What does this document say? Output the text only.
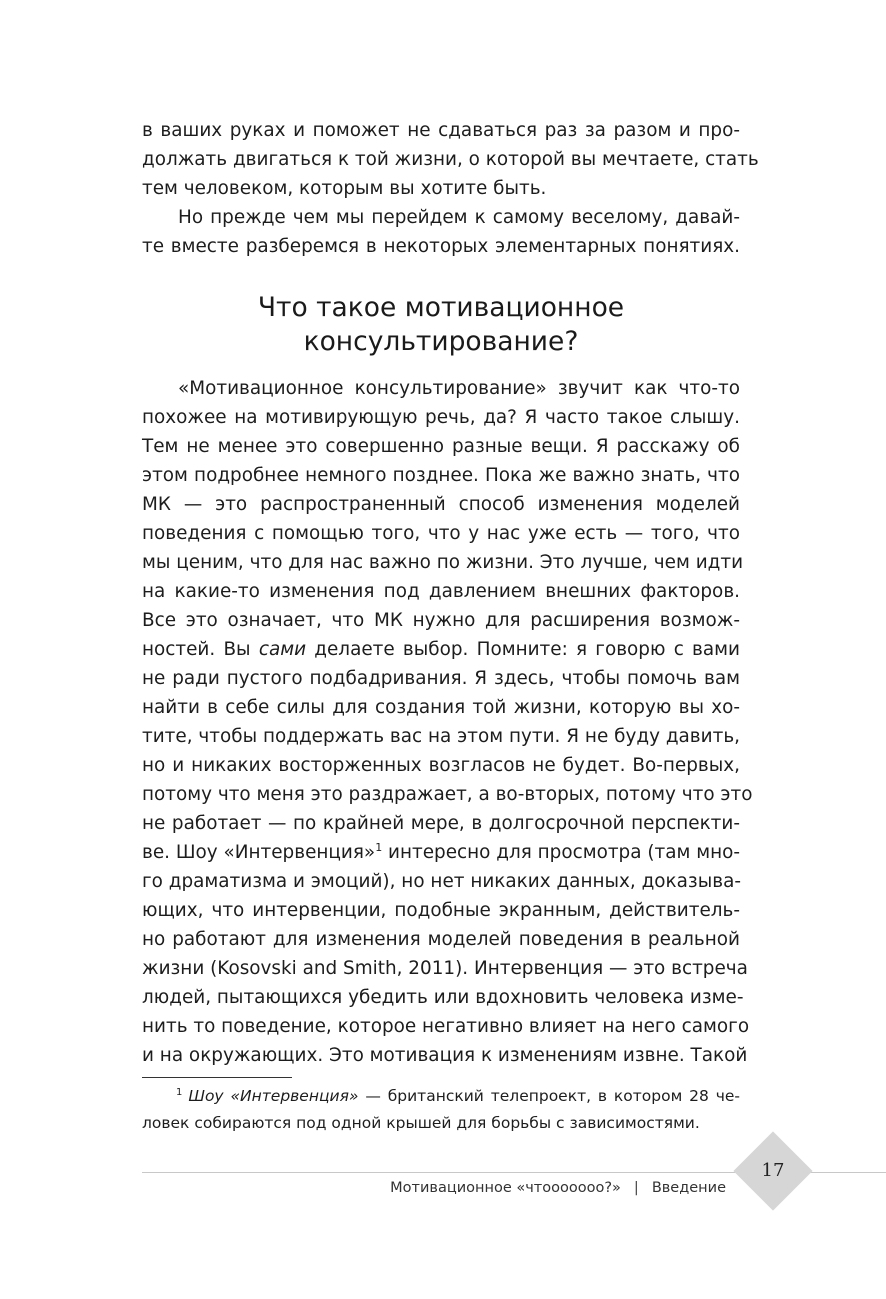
в ваших руках и поможет не сдаваться раз за разом и про-
должать двигаться к той жизни, о которой вы мечтаете, стать
тем человеком, которым вы хотите быть.
Но прежде чем мы перейдем к самому веселому, давай-
те вместе разберемся в некоторых элементарных понятиях.
Что такое мотивационное
консультирование?
«Мотивационное консультирование» звучит как что-то
похожее на мотивирующую речь, да? Я часто такое слышу.
Тем не менее это совершенно разные вещи. Я расскажу об
этом подробнее немного позднее. Пока же важно знать, что
МК — это распространенный способ изменения моделей
поведения с помощью того, что у нас уже есть — того, что
мы ценим, что для нас важно по жизни. Это лучше, чем идти
на какие-то изменения под давлением внешних факторов.
Все это означает, что МК нужно для расширения возмож-
ностей. Вы сами делаете выбор. Помните: я говорю с вами
не ради пустого подбадривания. Я здесь, чтобы помочь вам
найти в себе силы для создания той жизни, которую вы хо-
тите, чтобы поддержать вас на этом пути. Я не буду давить,
но и никаких восторженных возгласов не будет. Во-первых,
потому что меня это раздражает, а во-вторых, потому что это
не работает — по крайней мере, в долгосрочной перспекти-
ве. Шоу «Интервенция»$^1$ интересно для просмотра (там мно-
го драматизма и эмоций), но нет никаких данных, доказыва-
ющих, что интервенции, подобные экранным, действитель-
но работают для изменения моделей поведения в реальной
жизни (Kosovski and Smith, 2011). Интервенция — это встреча
людей, пытающихся убедить или вдохновить человека изме-
нить то поведение, которое негативно влияет на него самого
и на окружающих. Это мотивация к изменениям извне. Такой
$^1$ Шоу «Интервенция» — британский телепроект, в котором 28 че-
ловек собираются под одной крышей для борьбы с зависимостями.
17
Мотивационное «чтоооооoo?» | Введение
